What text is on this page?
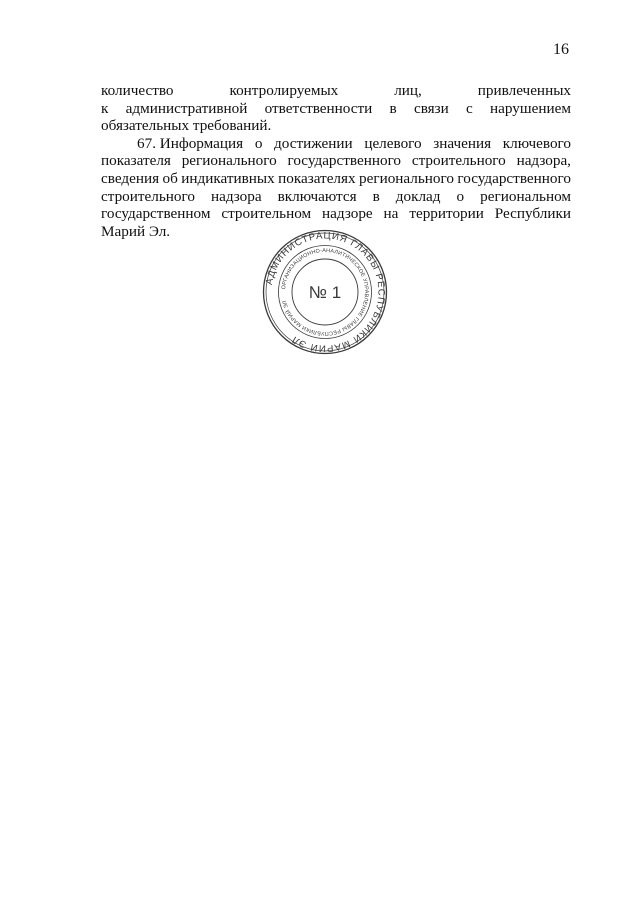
16
количество	контролируемых	лиц,	привлеченных
к административной ответственности в связи с нарушением
обязательных требований.
67. Информация о достижении целевого значения ключевого
показателя регионального государственного строительного надзора,
сведения об индикативных показателях регионального государственного
строительного надзора включаются в доклад о региональном
государственном строительном надзоре на территории Республики
Марий Эл.
АДМИНИСТРАЦИЯ ГЛАВЫ РЕСПУБЛИКИ МАРИЙ ЭЛ
ОРГАНИЗАЦИОННО-АНАЛИТИЧЕСКОЕ УПРАВЛЕНИЕ ГЛАВЫ РЕСПУБЛИКИ МАРИЙ ЭЛ
№ 1
